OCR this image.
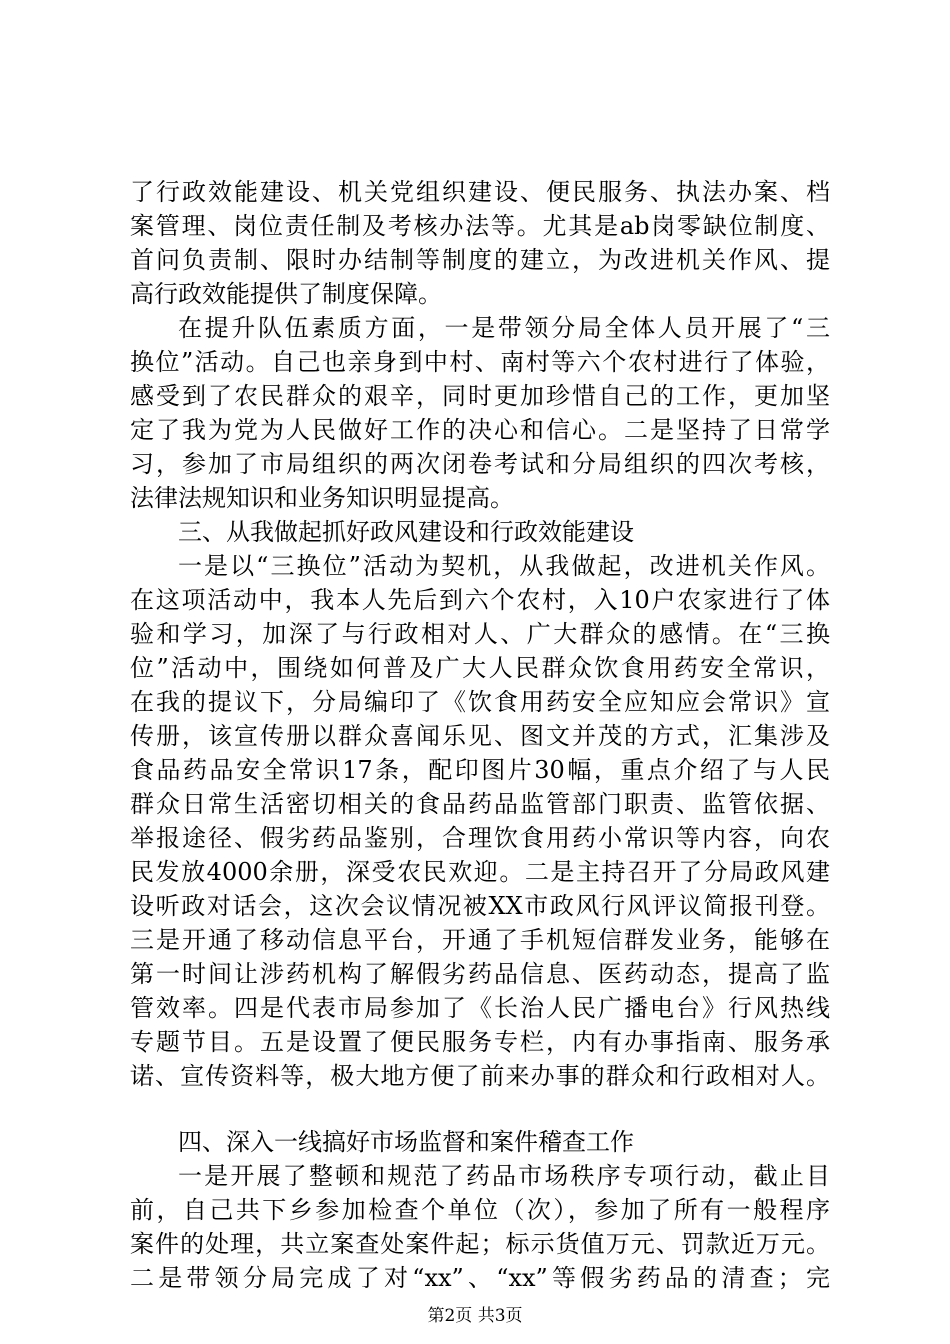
了行政效能建设、机关党组织建设、便民服务、执法办案、档
案管理、岗位责任制及考核办法等。尤其是ab岗零缺位制度、
首问负责制、限时办结制等制度的建立，为改进机关作风、提
高行政效能提供了制度保障。
在提升队伍素质方面，一是带领分局全体人员开展了“三
换位”活动。自己也亲身到中村、南村等六个农村进行了体验，
感受到了农民群众的艰辛，同时更加珍惜自己的工作，更加坚
定了我为党为人民做好工作的决心和信心。二是坚持了日常学
习，参加了市局组织的两次闭卷考试和分局组织的四次考核，
法律法规知识和业务知识明显提高。
三、从我做起抓好政风建设和行政效能建设
一是以“三换位”活动为契机，从我做起，改进机关作风。
在这项活动中，我本人先后到六个农村，入10户农家进行了体
验和学习，加深了与行政相对人、广大群众的感情。在“三换
位”活动中，围绕如何普及广大人民群众饮食用药安全常识，
在我的提议下，分局编印了《饮食用药安全应知应会常识》宣
传册，该宣传册以群众喜闻乐见、图文并茂的方式，汇集涉及
食品药品安全常识17条，配印图片30幅，重点介绍了与人民
群众日常生活密切相关的食品药品监管部门职责、监管依据、
举报途径、假劣药品鉴别，合理饮食用药小常识等内容，向农
民发放4000余册，深受农民欢迎。二是主持召开了分局政风建
设听政对话会，这次会议情况被XX市政风行风评议简报刊登。
三是开通了移动信息平台，开通了手机短信群发业务，能够在
第一时间让涉药机构了解假劣药品信息、医药动态，提高了监
管效率。四是代表市局参加了《长治人民广播电台》行风热线
专题节目。五是设置了便民服务专栏，内有办事指南、服务承
诺、宣传资料等，极大地方便了前来办事的群众和行政相对人。
四、深入一线搞好市场监督和案件稽查工作
一是开展了整顿和规范了药品市场秩序专项行动，截止目
前，自己共下乡参加检查个单位（次），参加了所有一般程序
案件的处理，共立案查处案件起；标示货值万元、罚款近万元。
二是带领分局完成了对“xx”、“xx”等假劣药品的清查；完
第2页 共3页
